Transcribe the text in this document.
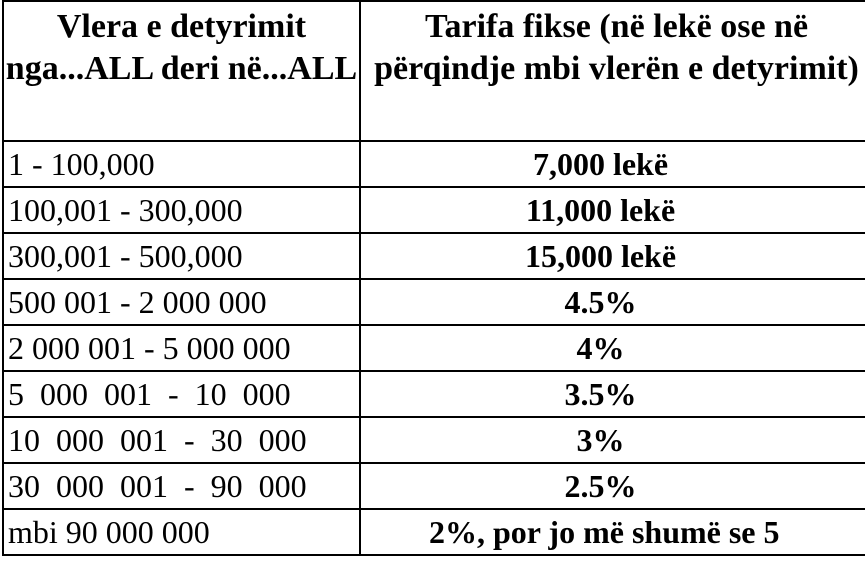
Vlera e detyrimit nga...ALL deri në...ALL	Tarifa fikse (në lekë ose në përqindje mbi vlerën e detyrimit)

1 - 100,000	7,000 lekë
100,001 - 300,000	11,000 lekë
300,001 - 500,000	15,000 lekë
500 001 - 2 000 000	4.5%
2 000 001 - 5 000 000	4%
5  000  001  -  10  000	3.5%
10  000  001  -  30  000	3%
30  000  001  -  90  000	2.5%
mbi 90 000 000	2%, por jo më shumë se 5
